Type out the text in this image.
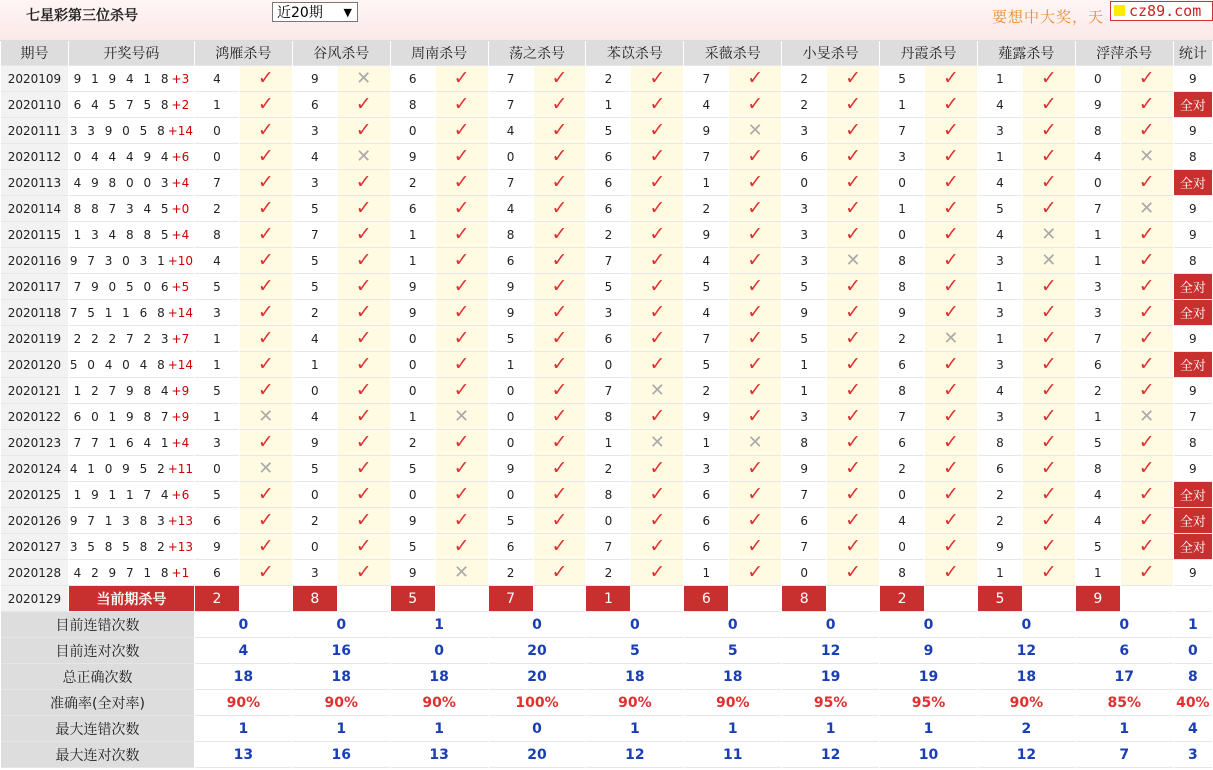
七星彩第三位杀号	近20期 ▼	要想中大奖，天	cz89.com
期号	开奖号码	鸿雁杀号		谷风杀号		周南杀号		荡之杀号		苯苡杀号		采薇杀号		小旻杀号		丹霞杀号		薤露杀号		浮萍杀号		统计
2020109	9 1 9 4 1 8+3	4	✓	9	✕	6	✓	7	✓	2	✓	7	✓	2	✓	5	✓	1	✓	0	✓	9
2020110	6 4 5 7 5 8+2	1	✓	6	✓	8	✓	7	✓	1	✓	4	✓	2	✓	1	✓	4	✓	9	✓	全对
2020111	3 3 9 0 5 8+14	0	✓	3	✓	0	✓	4	✓	5	✓	9	✕	3	✓	7	✓	3	✓	8	✓	9
2020112	0 4 4 4 9 4+6	0	✓	4	✕	9	✓	0	✓	6	✓	7	✓	6	✓	3	✓	1	✓	4	✕	8
2020113	4 9 8 0 0 3+4	7	✓	3	✓	2	✓	7	✓	6	✓	1	✓	0	✓	0	✓	4	✓	0	✓	全对
2020114	8 8 7 3 4 5+0	2	✓	5	✓	6	✓	4	✓	6	✓	2	✓	3	✓	1	✓	5	✓	7	✕	9
2020115	1 3 4 8 8 5+4	8	✓	7	✓	1	✓	8	✓	2	✓	9	✓	3	✓	0	✓	4	✕	1	✓	9
2020116	9 7 3 0 3 1+10	4	✓	5	✓	1	✓	6	✓	7	✓	4	✓	3	✕	8	✓	3	✕	1	✓	8
2020117	7 9 0 5 0 6+5	5	✓	5	✓	9	✓	9	✓	5	✓	5	✓	5	✓	8	✓	1	✓	3	✓	全对
2020118	7 5 1 1 6 8+14	3	✓	2	✓	9	✓	9	✓	3	✓	4	✓	9	✓	9	✓	3	✓	3	✓	全对
2020119	2 2 2 7 2 3+7	1	✓	4	✓	0	✓	5	✓	6	✓	7	✓	5	✓	2	✕	1	✓	7	✓	9
2020120	5 0 4 0 4 8+14	1	✓	1	✓	0	✓	1	✓	0	✓	5	✓	1	✓	6	✓	3	✓	6	✓	全对
2020121	1 2 7 9 8 4+9	5	✓	0	✓	0	✓	0	✓	7	✕	2	✓	1	✓	8	✓	4	✓	2	✓	9
2020122	6 0 1 9 8 7+9	1	✕	4	✓	1	✕	0	✓	8	✓	9	✓	3	✓	7	✓	3	✓	1	✕	7
2020123	7 7 1 6 4 1+4	3	✓	9	✓	2	✓	0	✓	1	✕	1	✕	8	✓	6	✓	8	✓	5	✓	8
2020124	4 1 0 9 5 2+11	0	✕	5	✓	5	✓	9	✓	2	✓	3	✓	9	✓	2	✓	6	✓	8	✓	9
2020125	1 9 1 1 7 4+6	5	✓	0	✓	0	✓	0	✓	8	✓	6	✓	7	✓	0	✓	2	✓	4	✓	全对
2020126	9 7 1 3 8 3+13	6	✓	2	✓	9	✓	5	✓	0	✓	6	✓	6	✓	4	✓	2	✓	4	✓	全对
2020127	3 5 8 5 8 2+13	9	✓	0	✓	5	✓	6	✓	7	✓	6	✓	7	✓	0	✓	9	✓	5	✓	全对
2020128	4 2 9 7 1 8+1	6	✓	3	✓	9	✕	2	✓	2	✓	1	✓	0	✓	8	✓	1	✓	1	✓	9
2020129	当前期杀号	2		8		5		7		1		6		8		2		5		9		
目前连错次数		0		0		1		0		0		0		0		0		0		0		1
目前连对次数		4		16		0		20		5		5		12		9		12		6		0
总正确次数		18		18		18		20		18		18		19		19		18		17		8
准确率(全对率)		90%		90%		90%		100%		90%		90%		95%		95%		90%		85%		40%
最大连错次数		1		1		1		0		1		1		1		1		2		1		4
最大连对次数		13		16		13		20		12		11		12		10		12		7		3
